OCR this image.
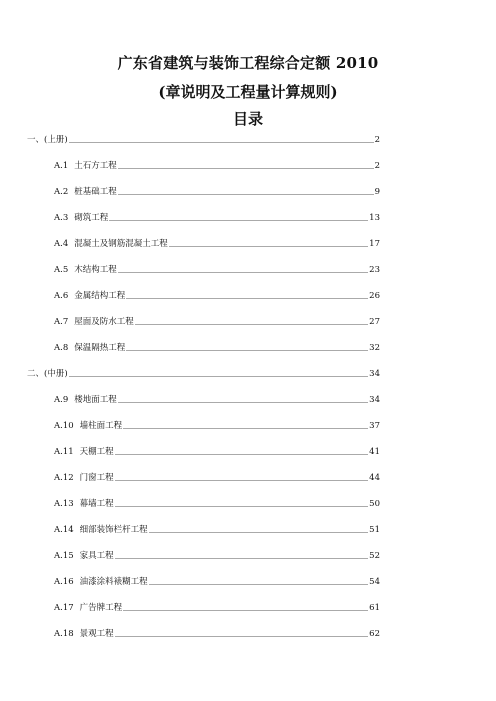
广东省建筑与装饰工程综合定额 2010
(章说明及工程量计算规则)
目录
一、(上册)	2
A.1 土石方工程	2
A.2 桩基础工程	9
A.3 砌筑工程	13
A.4 混凝土及钢筋混凝土工程	17
A.5 木结构工程	23
A.6 金属结构工程	26
A.7 屋面及防水工程	27
A.8 保温隔热工程	32
二、(中册)	34
A.9 楼地面工程	34
A.10 墙柱面工程	37
A.11 天棚工程	41
A.12 门窗工程	44
A.13 幕墙工程	50
A.14 细部装饰栏杆工程	51
A.15 家具工程	52
A.16 油漆涂料裱糊工程	54
A.17 广告牌工程	61
A.18 景观工程	62
